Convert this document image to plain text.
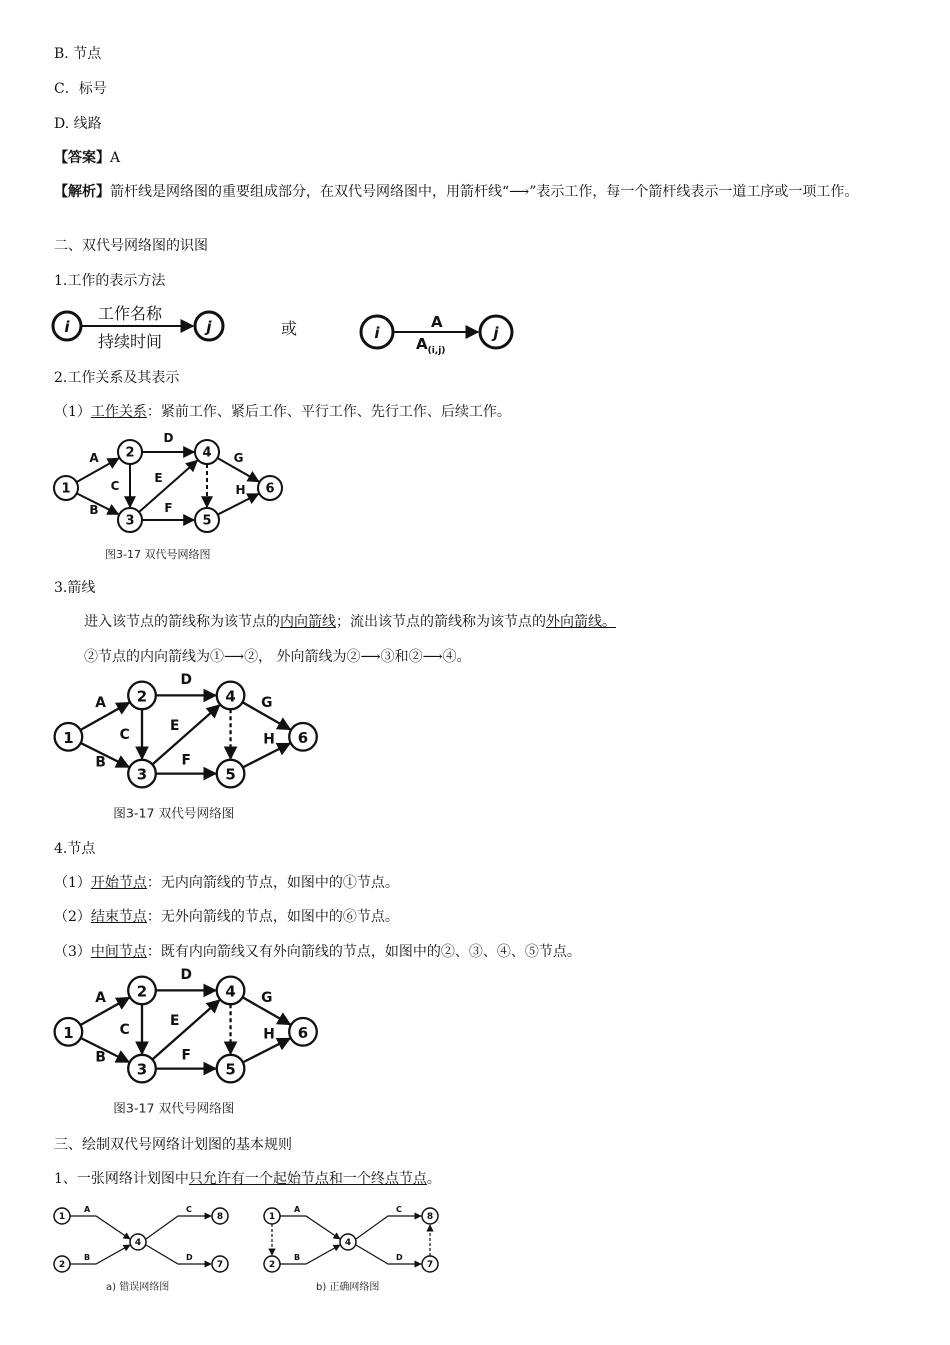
B. 节点
C．标号
D. 线路
【答案】A
【解析】箭杆线是网络图的重要组成部分，在双代号网络图中，用箭杆线“⟶”表示工作，每一个箭杆线表示一道工序或一项工作。
二、双代号网络图的识图
1.工作的表示方法
i
工作名称
持续时间
j	或	i
A
$A_{(i,j)}$
j
2.工作关系及其表示
（1）工作关系：紧前工作、紧后工作、平行工作、先行工作、后续工作。
A
B
C
D
E
F
G
H
1
2
3
4
5
6
图3-17 双代号网络图
3.箭线
进入该节点的箭线称为该节点的内向箭线；流出该节点的箭线称为该节点的外向箭线。
②节点的内向箭线为①⟶②， 外向箭线为②⟶③和②⟶④。
A
B
C
D
E
F
G
H
1
2
3
4
5
6
图3-17 双代号网络图
4.节点
（1）开始节点：无内向箭线的节点，如图中的①节点。
（2）结束节点：无外向箭线的节点，如图中的⑥节点。
（3）中间节点：既有内向箭线又有外向箭线的节点，如图中的②、③、④、⑤节点。
A
B
C
D
E
F
G
H
1
2
3
4
5
6
图3-17 双代号网络图
三、绘制双代号网络计划图的基本规则
1、一张网络计划图中只允许有一个起始节点和一个终点节点。
A
B
C
D
1
2
4
8
7
a) 错误网络图
A
B
C
D
1
2
4
8
7
b) 正确网络图
